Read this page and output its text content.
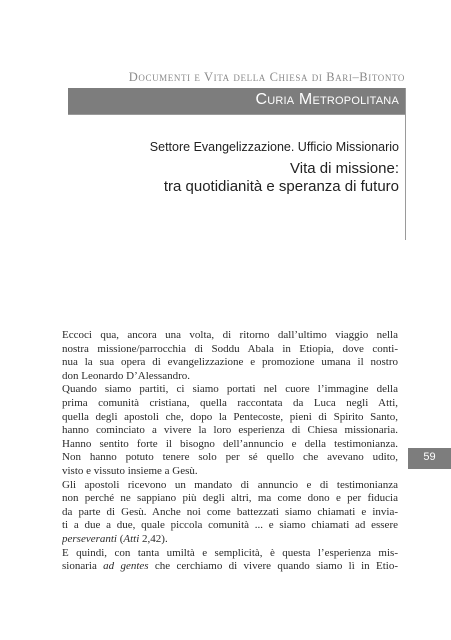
Documenti e Vita della Chiesa di Bari–Bitonto
Curia Metropolitana
Settore Evangelizzazione. Ufficio Missionario
Vita di missione:
tra quotidianità e speranza di futuro
Eccoci qua, ancora una volta, di ritorno dall’ultimo viaggio nella
nostra missione/parrocchia di Soddu Abala in Etiopia, dove conti-
nua la sua opera di evangelizzazione e promozione umana il nostro
don Leonardo D’Alessandro.
Quando siamo partiti, ci siamo portati nel cuore l’immagine della
prima comunità cristiana, quella raccontata da Luca negli Atti,
quella degli apostoli che, dopo la Pentecoste, pieni di Spirito Santo,
hanno cominciato a vivere la loro esperienza di Chiesa missionaria.
Hanno sentito forte il bisogno dell’annuncio e della testimonianza.
Non hanno potuto tenere solo per sé quello che avevano udito,
visto e vissuto insieme a Gesù.
Gli apostoli ricevono un mandato di annuncio e di testimonianza
non perché ne sappiano più degli altri, ma come dono e per fiducia
da parte di Gesù. Anche noi come battezzati siamo chiamati e invia-
ti a due a due, quale piccola comunità ... e siamo chiamati ad essere
perseveranti (Atti 2,42).
E quindi, con tanta umiltà e semplicità, è questa l’esperienza mis-
sionaria ad gentes che cerchiamo di vivere quando siamo lì in Etio-
59
